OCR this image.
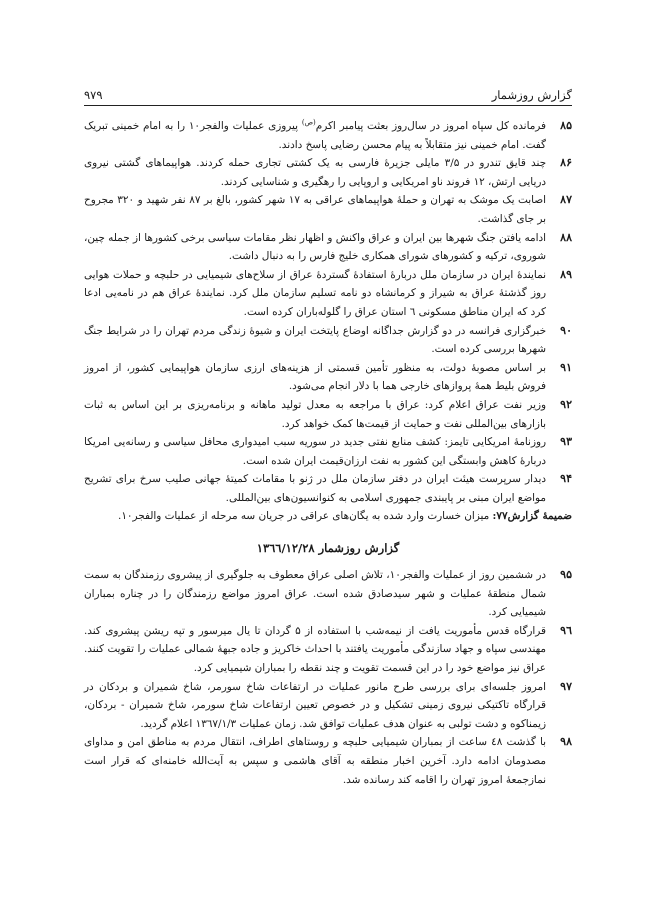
گزارش روزشمار
۹۷۹
۸۵
فرمانده کل سپاه امروز در سال‌روز بعثت پیامبر اکرم$^{(ص)}$ پیروزی عملیات والفجر۱۰ را به امام خمینی تبریک گفت. امام خمینی نیز متقابلاً به پیام محسن رضایی پاسخ دادند.
۸۶
چند قایق تندرو در ۳/۵ مایلی جزیرهٔ فارسی به یک کشتی تجاری حمله کردند. هواپیماهای گشتی نیروی دریایی ارتش، ۱۲ فروند ناو امریکایی و اروپایی را رهگیری و شناسایی کردند.
۸۷
اصابت یک موشک به تهران و حملهٔ هواپیماهای عراقی به ۱۷ شهر کشور، بالغ بر ۸۷ نفر شهید و ۳۲۰ مجروح بر جای گذاشت.
۸۸
ادامه یافتن جنگ شهرها بین ایران و عراق واکنش و اظهار نظر مقامات سیاسی برخی کشورها از جمله چین، شوروی، ترکیه و کشورهای شورای همکاری خلیج فارس را به دنبال داشت.
۸۹
نمایندهٔ ایران در سازمان ملل دربارهٔ استفادهٔ گستردهٔ عراق از سلاح‌های شیمیایی در حلبچه و حملات هوایی روز گذشتهٔ عراق به شیراز و کرمانشاه دو نامه تسلیم سازمان ملل کرد. نمایندهٔ عراق هم در نامه‌یی ادعا کرد که ایران مناطق مسکونی ٦ استان عراق را گلوله‌باران کرده است.
۹۰
خبرگزاری فرانسه در دو گزارش جداگانه اوضاع پایتخت ایران و شیوهٔ زندگی مردم تهران را در شرایط جنگ شهرها بررسی کرده است.
۹۱
بر اساس مصوبهٔ دولت، به منظور تأمین قسمتی از هزینه‌های ارزی سازمان هواپیمایی کشور، از امروز فروش بلیط همهٔ پروازهای خارجی هما با دلار انجام می‌شود.
۹۲
وزیر نفت عراق اعلام کرد: عراق با مراجعه به معدل تولید ماهانه و برنامه‌ریزی بر این اساس به ثبات بازارهای بین‌المللی نفت و حمایت از قیمت‌ها کمک خواهد کرد.
۹۳
روزنامهٔ امریکایی تایمز: کشف منابع نفتی جدید در سوریه سبب امیدواری محافل سیاسی و رسانه‌یی امریکا دربارهٔ کاهش وابستگی این کشور به نفت ارزان‌قیمت ایران شده است.
۹۴
دیدار سرپرست هیئت ایران در دفتر سازمان ملل در ژنو با مقامات کمیتهٔ جهانی صلیب سرخ برای تشریح مواضع ایران مبنی بر پایبندی جمهوری اسلامی به کنوانسیون‌های بین‌المللی.
ضمیمهٔ گزارش۷۷: میزان خسارت وارد شده به یگان‌های عراقی در جریان سه مرحله از عملیات والفجر۱۰.
گزارش روزشمار ۱۳٦٦/۱۲/۲۸
۹۵
در ششمین روز از عملیات والفجر۱۰، تلاش اصلی عراق معطوف به جلوگیری از پیشروی رزمندگان به سمت شمال منطقهٔ عملیات و شهر سیدصادق شده است. عراق امروز مواضع رزمندگان را در چناره بمباران شیمیایی کرد.
۹٦
قرارگاه قدس مأموریت یافت از نیمه‌شب با استفاده از ۵ گردان تا یال میرسور و تپه ریشن پیشروی کند. مهندسی سپاه و جهاد سازندگی مأموریت یافتند با احداث خاکریز و جاده جبههٔ شمالی عملیات را تقویت کنند. عراق نیز مواضع خود را در این قسمت تقویت و چند نقطه را بمباران شیمیایی کرد.
۹۷
امروز جلسه‌ای برای بررسی طرح مانور عملیات در ارتفاعات شاخ سورمر، شاخ شمیران و بردکان در قرارگاه تاکتیکی نیروی زمینی تشکیل و در خصوص تعیین ارتفاعات شاخ سورمر، شاخ شمیران - بردکان، زیمناکوه و دشت تولبی به عنوان هدف عملیات توافق شد. زمان عملیات ۱۳٦۷/۱/۳ اعلام گردید.
۹۸
با گذشت ٤۸ ساعت از بمباران شیمیایی حلبچه و روستاهای اطراف، انتقال مردم به مناطق امن و مداوای مصدومان ادامه دارد. آخرین اخبار منطقه به آقای هاشمی و سپس به آیت‌الله خامنه‌ای که قرار است نمازجمعهٔ امروز تهران را اقامه کند رسانده شد.
